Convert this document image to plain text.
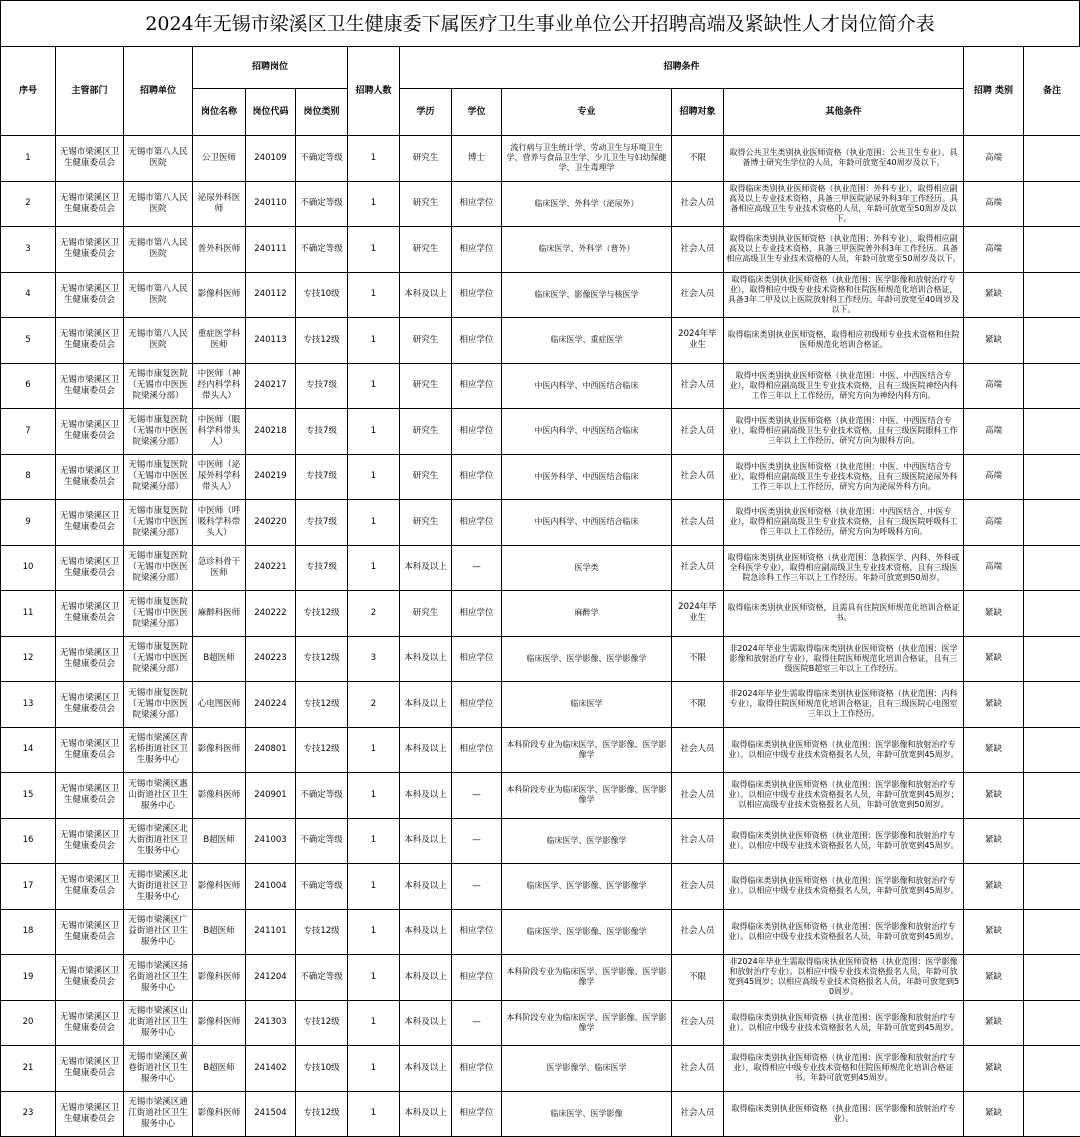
2024年无锡市梁溪区卫生健康委下属医疗卫生事业单位公开招聘高端及紧缺性人才岗位简介表
序号	主管部门	招聘单位	招聘岗位			招聘人数	招聘条件					招聘 类别	备注
			岗位名称	岗位代码	岗位类别		学历	学位	专业	招聘对象	其他条件		
1	无锡市梁溪区卫生健康委员会	无锡市第八人民医院	公卫医师	240109	不确定等级	1	研究生	博士	流行病与卫生统计学、劳动卫生与环境卫生学、营养与食品卫生学、少儿卫生与妇幼保健学、卫生毒理学	不限	取得公共卫生类别执业医师资格（执业范围：公共卫生专业）。具备博士研究生学位的人员，年龄可放宽至40周岁及以下。	高端	
2	无锡市梁溪区卫生健康委员会	无锡市第八人民医院	泌尿外科医师	240110	不确定等级	1	研究生	相应学位	临床医学、外科学（泌尿外）	社会人员	取得临床类别执业医师资格（执业范围：外科专业），取得相应副高及以上专业技术资格，具备三甲医院泌尿外科3年工作经历。具备相应高级卫生专业技术资格的人员，年龄可放宽至50周岁及以下。	高端	
3	无锡市梁溪区卫生健康委员会	无锡市第八人民医院	普外科医师	240111	不确定等级	1	研究生	相应学位	临床医学、外科学（普外）	社会人员	取得临床类别执业医师资格（执业范围：外科专业），取得相应副高及以上专业技术资格，具备三甲医院普外科3年工作经历。具备相应高级卫生专业技术资格的人员，年龄可放宽至50周岁及以下。	高端	
4	无锡市梁溪区卫生健康委员会	无锡市第八人民医院	影像科医师	240112	专技10级	1	本科及以上	相应学位	临床医学、影像医学与核医学	社会人员	取得临床类别执业医师资格（执业范围：医学影像和放射治疗专业），取得相应中级专业技术资格和住院医师规范化培训合格证，具备3年二甲及以上医院放射科工作经历。年龄可放宽至40周岁及以下。	紧缺	
5	无锡市梁溪区卫生健康委员会	无锡市第八人民医院	重症医学科医师	240113	专技12级	1	研究生	相应学位	临床医学、重症医学	2024年毕业生	取得临床类别执业医师资格，取得相应初级师专业技术资格和住院医师规范化培训合格证。	紧缺	
6	无锡市梁溪区卫生健康委员会	无锡市康复医院（无锡市中医医院梁溪分部）	中医师（神经内科学科带头人）	240217	专技7级	1	研究生	相应学位	中医内科学、中西医结合临床	社会人员	取得中医类别执业医师资格（执业范围：中医、中西医结合专业），取得相应副高级卫生专业技术资格，且有三级医院神经内科工作三年以上工作经历，研究方向为神经内科方向。	高端	
7	无锡市梁溪区卫生健康委员会	无锡市康复医院（无锡市中医医院梁溪分部）	中医师（眼科学科带头人）	240218	专技7级	1	研究生	相应学位	中医内科学、中西医结合临床	社会人员	取得中医类别执业医师资格（执业范围：中医、中西医结合专业），取得相应副高级卫生专业技术资格，且有三级医院眼科工作三年以上工作经历，研究方向为眼科方向。	高端	
8	无锡市梁溪区卫生健康委员会	无锡市康复医院（无锡市中医医院梁溪分部）	中医师（泌尿外科学科带头人）	240219	专技7级	1	研究生	相应学位	中医外科学、中西医结合临床	社会人员	取得中医类别执业医师资格（执业范围：中医、中西医结合专业），取得相应副高级卫生专业技术资格，且有三级医院泌尿外科工作三年以上工作经历，研究方向为泌尿外科方向。	高端	
9	无锡市梁溪区卫生健康委员会	无锡市康复医院（无锡市中医医院梁溪分部）	中医师（呼吸科学科带头人）	240220	专技7级	1	研究生	相应学位	中医内科学、中西医结合临床	社会人员	取得中医类别执业医师资格（执业范围：中西医结合、中医专业），取得相应副高级卫生专业技术资格，且有三级医院呼吸科工作三年以上工作经历，研究方向为呼吸科方向。	高端	
10	无锡市梁溪区卫生健康委员会	无锡市康复医院（无锡市中医医院梁溪分部）	急诊科骨干医师	240221	专技7级	1	本科及以上	—	医学类	社会人员	取得临床类别执业医师资格（执业范围：急救医学、内科、外科或全科医学专业），取得相应副高级卫生专业技术资格，且有三级医院急诊科工作三年以上工作经历。年龄可放宽到50周岁。	高端	
11	无锡市梁溪区卫生健康委员会	无锡市康复医院（无锡市中医医院梁溪分部）	麻醉科医师	240222	专技12级	2	研究生	相应学位	麻醉学	2024年毕业生	取得临床类别执业医师资格，且需具有住院医师规范化培训合格证书。	紧缺	
12	无锡市梁溪区卫生健康委员会	无锡市康复医院（无锡市中医医院梁溪分部）	B超医师	240223	专技12级	3	本科及以上	相应学位	临床医学、医学影像、医学影像学	不限	非2024年毕业生需取得临床类别执业医师资格（执业范围：医学影像和放射治疗专业），取得住院医师规范化培训合格证，且有三级医院B超室三年以上工作经历。	紧缺	
13	无锡市梁溪区卫生健康委员会	无锡市康复医院（无锡市中医医院梁溪分部）	心电图医师	240224	专技12级	2	本科及以上	相应学位	临床医学	不限	非2024年毕业生需取得临床类别执业医师资格（执业范围：内科专业），取得住院医师规范化培训合格证，且有三级医院心电图室三年以上工作经历。	紧缺	
14	无锡市梁溪区卫生健康委员会	无锡市梁溪区青名桥街道社区卫生服务中心	影像科医师	240801	专技12级	1	本科及以上	相应学位	本科阶段专业为临床医学、医学影像、医学影像学	社会人员	取得临床类别执业医师资格（执业范围：医学影像和放射治疗专业）。以相应中级专业技术资格报名人员，年龄可放宽到45周岁。	紧缺	
15	无锡市梁溪区卫生健康委员会	无锡市梁溪区惠山街道社区卫生服务中心	影像科医师	240901	不确定等级	1	本科及以上	—	本科阶段专业为临床医学、医学影像、医学影像学	社会人员	取得临床类别执业医师资格（执业范围：医学影像和放射治疗专业）。以相应中级专业技术资格报名人员，年龄可放宽到45周岁；以相应高级专业技术资格报名人员，年龄可放宽到50周岁。	紧缺	
16	无锡市梁溪区卫生健康委员会	无锡市梁溪区北大街街道社区卫生服务中心	B超医师	241003	不确定等级	1	本科及以上	—	临床医学、医学影像学	社会人员	取得临床类别执业医师资格（执业范围：医学影像和放射治疗专业）。以相应中级专业技术资格报名人员，年龄可放宽到45周岁。	紧缺	
17	无锡市梁溪区卫生健康委员会	无锡市梁溪区北大街街道社区卫生服务中心	影像科医师	241004	不确定等级	1	本科及以上	—	临床医学、医学影像、医学影像学	社会人员	取得临床类别执业医师资格（执业范围：医学影像和放射治疗专业）。以相应中级专业技术资格报名人员，年龄可放宽到45周岁。	紧缺	
18	无锡市梁溪区卫生健康委员会	无锡市梁溪区广益街道社区卫生服务中心	B超医师	241101	专技12级	1	本科及以上	相应学位	临床医学、医学影像、医学影像学	社会人员	取得临床类别执业医师资格（执业范围：医学影像和放射治疗专业）。以相应中级专业技术资格报名人员，年龄可放宽到45周岁。	紧缺	
19	无锡市梁溪区卫生健康委员会	无锡市梁溪区扬名街道社区卫生服务中心	影像科医师	241204	不确定等级	1	本科及以上	相应学位	本科阶段专业为临床医学、医学影像、医学影像学	不限	非2024年毕业生需取得临床执业医师资格（执业范围：医学影像和放射治疗专业）。以相应中级专业技术资格报名人员，年龄可放宽到45周岁；以相应高级专业技术资格报名人员，年龄可放宽到50周岁。	紧缺	
20	无锡市梁溪区卫生健康委员会	无锡市梁溪区山北街道社区卫生服务中心	影像科医师	241303	专技12级	1	本科及以上	—	本科阶段专业为临床医学、医学影像、医学影像学	社会人员	取得临床类别执业医师资格（执业范围：医学影像和放射治疗专业）。以相应中级专业技术资格报名人员，年龄可放宽到45周岁。	紧缺	
21	无锡市梁溪区卫生健康委员会	无锡市梁溪区黄巷街道社区卫生服务中心	B超医师	241402	专技10级	1	本科及以上	相应学位	医学影像学、临床医学	社会人员	取得临床类别执业医师资格（执业范围：医学影像和放射治疗专业），取得相应中级专业技术资格和住院医师规范化培训合格证书。年龄可放宽到45周岁。	紧缺	
23	无锡市梁溪区卫生健康委员会	无锡市梁溪区通江街道社区卫生服务中心	影像科医师	241504	专技12级	1	本科及以上	相应学位	临床医学、医学影像	社会人员	取得临床类别执业医师资格（执业范围：医学影像和放射治疗专业）。	紧缺	
